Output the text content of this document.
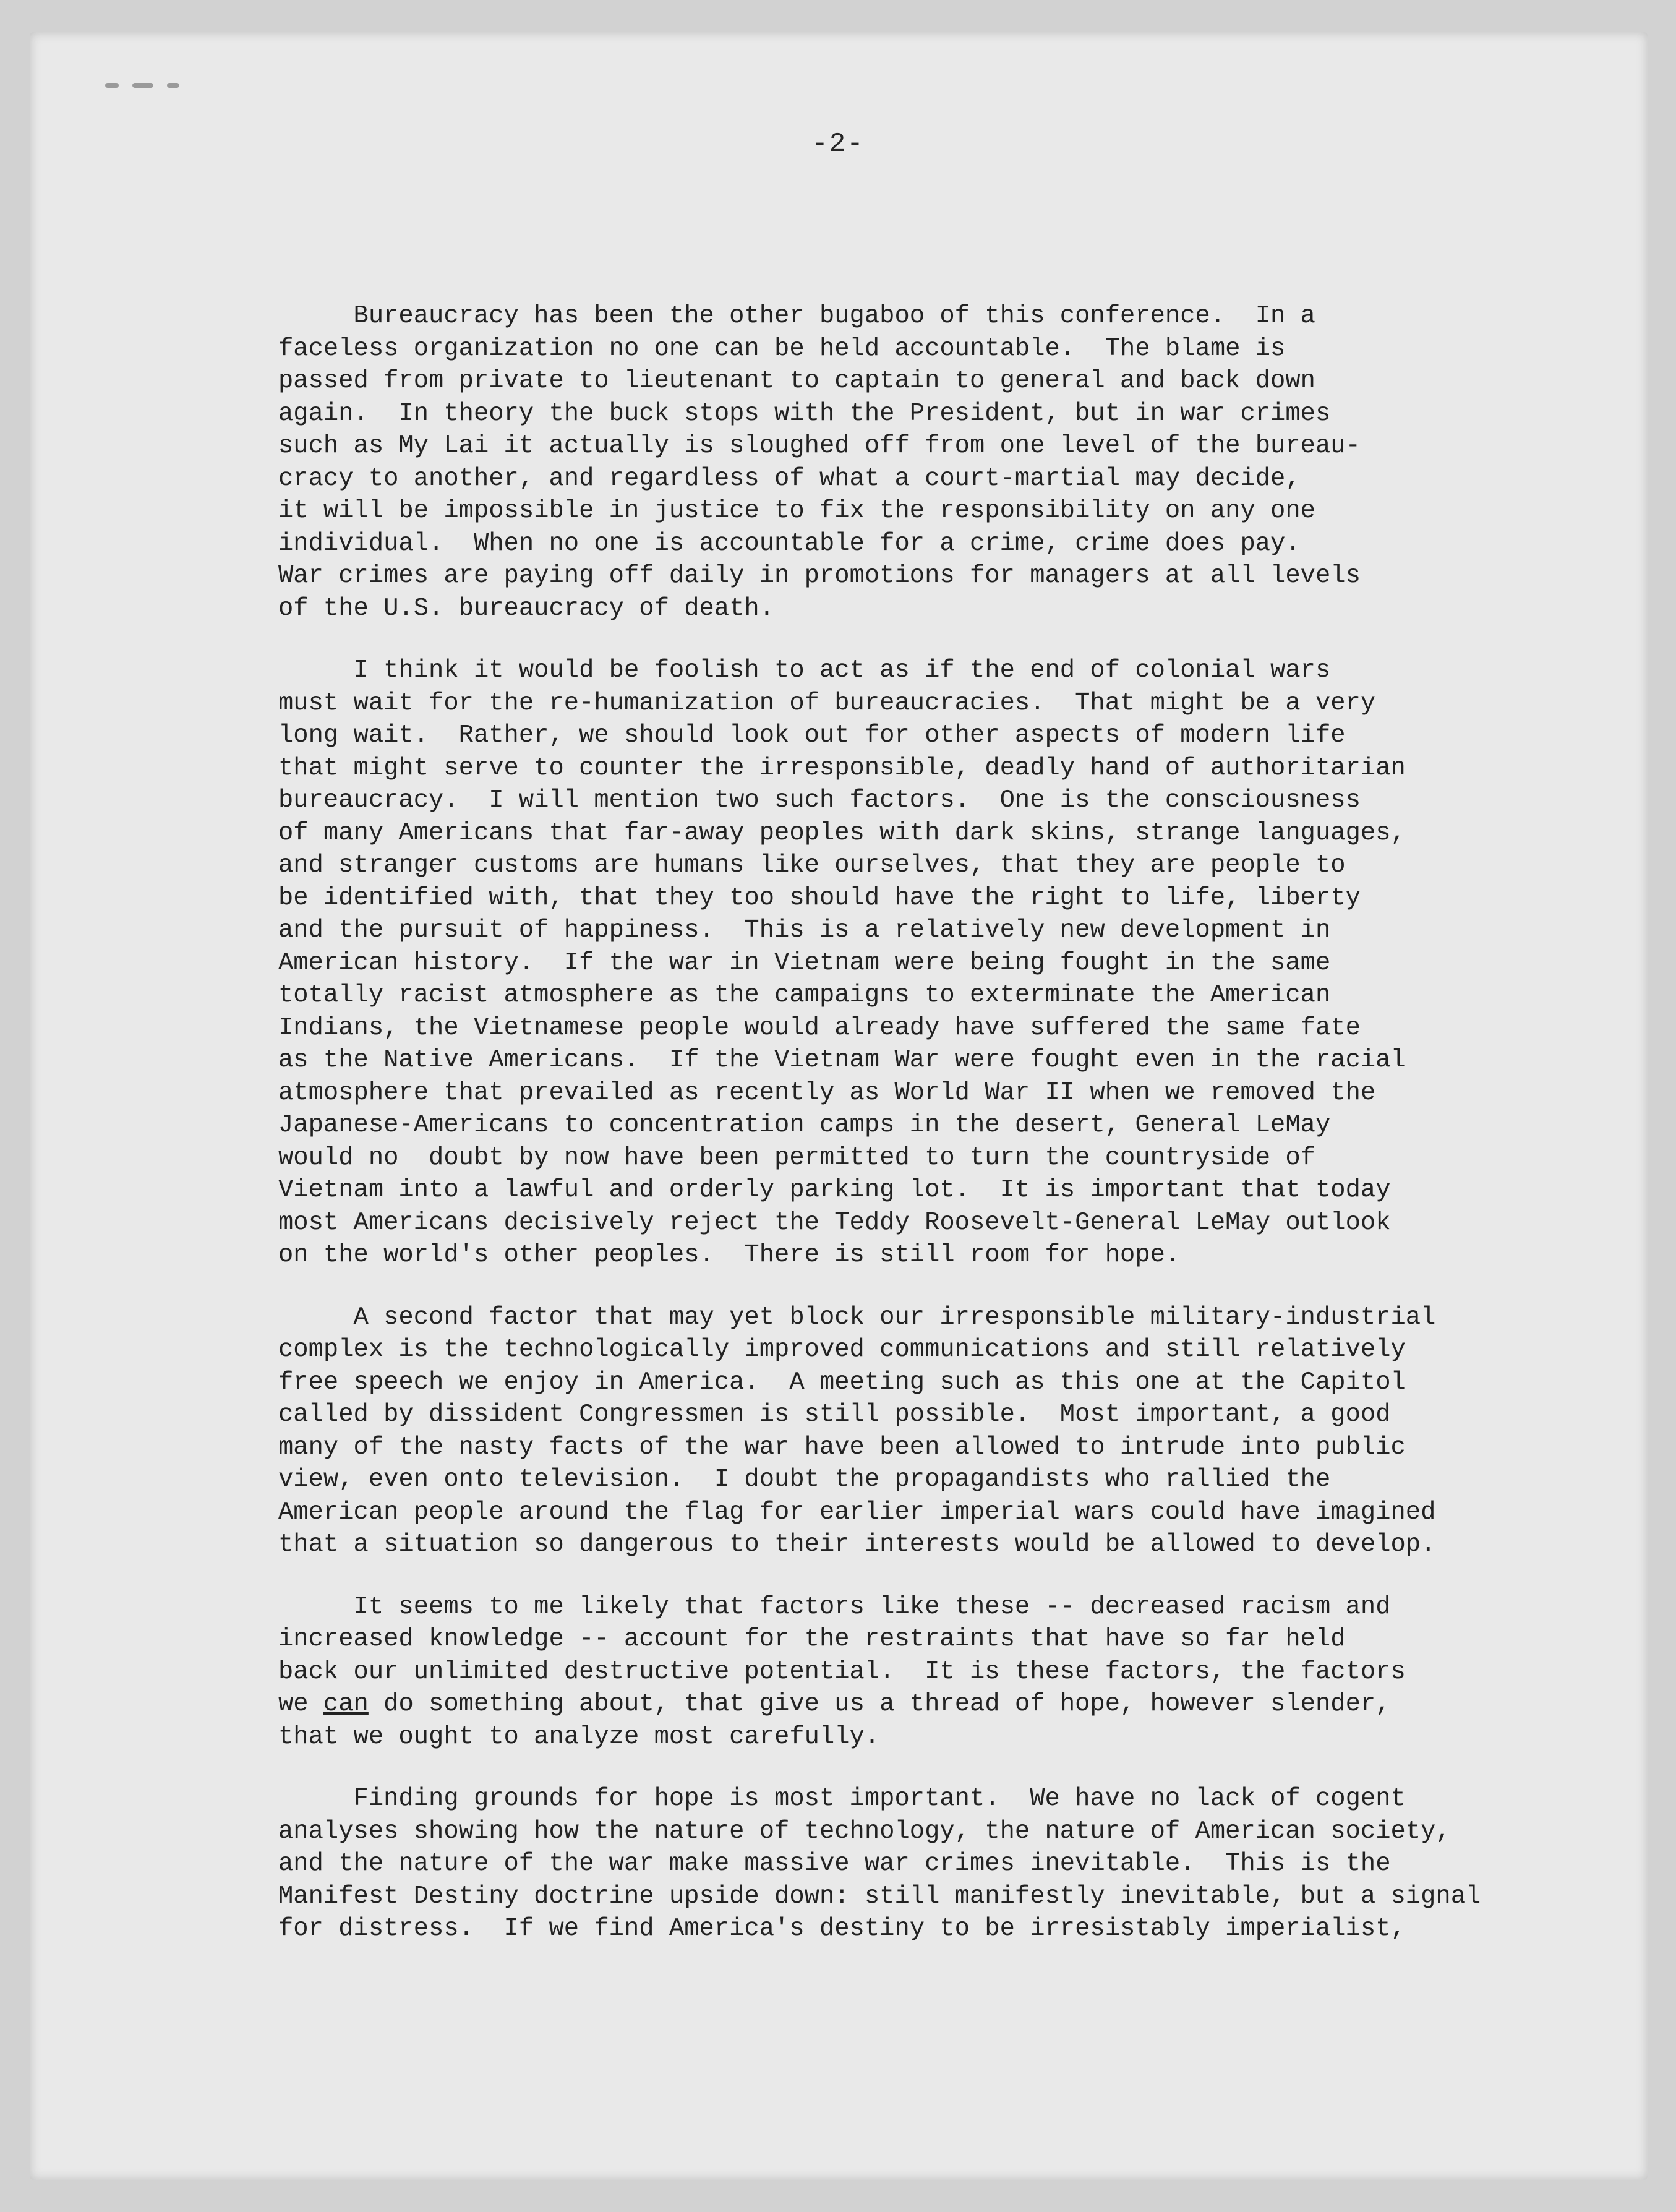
-2-

Bureaucracy has been the other bugaboo of this conference.  In a
faceless organization no one can be held accountable.  The blame is
passed from private to lieutenant to captain to general and back down
again.  In theory the buck stops with the President, but in war crimes
such as My Lai it actually is sloughed off from one level of the bureau-
cracy to another, and regardless of what a court-martial may decide,
it will be impossible in justice to fix the responsibility on any one
individual.  When no one is accountable for a crime, crime does pay.
War crimes are paying off daily in promotions for managers at all levels
of the U.S. bureaucracy of death.

I think it would be foolish to act as if the end of colonial wars
must wait for the re-humanization of bureaucracies.  That might be a very
long wait.  Rather, we should look out for other aspects of modern life
that might serve to counter the irresponsible, deadly hand of authoritarian
bureaucracy.  I will mention two such factors.  One is the consciousness
of many Americans that far-away peoples with dark skins, strange languages,
and stranger customs are humans like ourselves, that they are people to
be identified with, that they too should have the right to life, liberty
and the pursuit of happiness.  This is a relatively new development in
American history.  If the war in Vietnam were being fought in the same
totally racist atmosphere as the campaigns to exterminate the American
Indians, the Vietnamese people would already have suffered the same fate
as the Native Americans.  If the Vietnam War were fought even in the racial
atmosphere that prevailed as recently as World War II when we removed the
Japanese-Americans to concentration camps in the desert, General LeMay
would no  doubt by now have been permitted to turn the countryside of
Vietnam into a lawful and orderly parking lot.  It is important that today
most Americans decisively reject the Teddy Roosevelt-General LeMay outlook
on the world's other peoples.  There is still room for hope.

A second factor that may yet block our irresponsible military-industrial
complex is the technologically improved communications and still relatively
free speech we enjoy in America.  A meeting such as this one at the Capitol
called by dissident Congressmen is still possible.  Most important, a good
many of the nasty facts of the war have been allowed to intrude into public
view, even onto television.  I doubt the propagandists who rallied the
American people around the flag for earlier imperial wars could have imagined
that a situation so dangerous to their interests would be allowed to develop.

It seems to me likely that factors like these -- decreased racism and
increased knowledge -- account for the restraints that have so far held
back our unlimited destructive potential.  It is these factors, the factors
we can do something about, that give us a thread of hope, however slender,
that we ought to analyze most carefully.

Finding grounds for hope is most important.  We have no lack of cogent
analyses showing how the nature of technology, the nature of American society,
and the nature of the war make massive war crimes inevitable.  This is the
Manifest Destiny doctrine upside down: still manifestly inevitable, but a signal
for distress.  If we find America's destiny to be irresistably imperialist,
